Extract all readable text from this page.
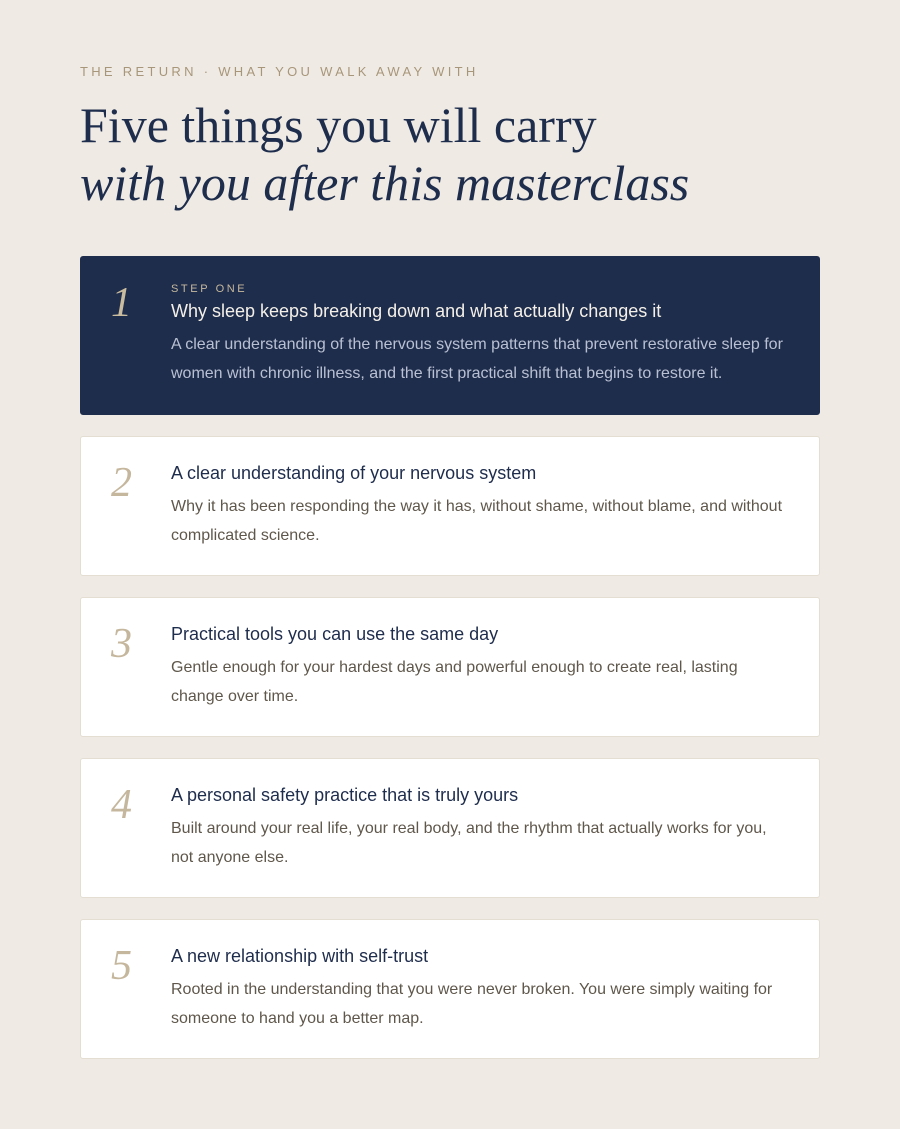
THE RETURN · WHAT YOU WALK AWAY WITH
Five things you will carry
with you after this masterclass
1	STEP ONE
Why sleep keeps breaking down and what actually changes it
A clear understanding of the nervous system patterns that prevent restorative sleep for women with chronic illness, and the first practical shift that begins to restore it.
2 A clear understanding of your nervous system
Why it has been responding the way it has, without shame, without blame, and without complicated science.
3 Practical tools you can use the same day
Gentle enough for your hardest days and powerful enough to create real, lasting change over time.
4 A personal safety practice that is truly yours
Built around your real life, your real body, and the rhythm that actually works for you, not anyone else.
5 A new relationship with self-trust
Rooted in the understanding that you were never broken. You were simply waiting for someone to hand you a better map.
